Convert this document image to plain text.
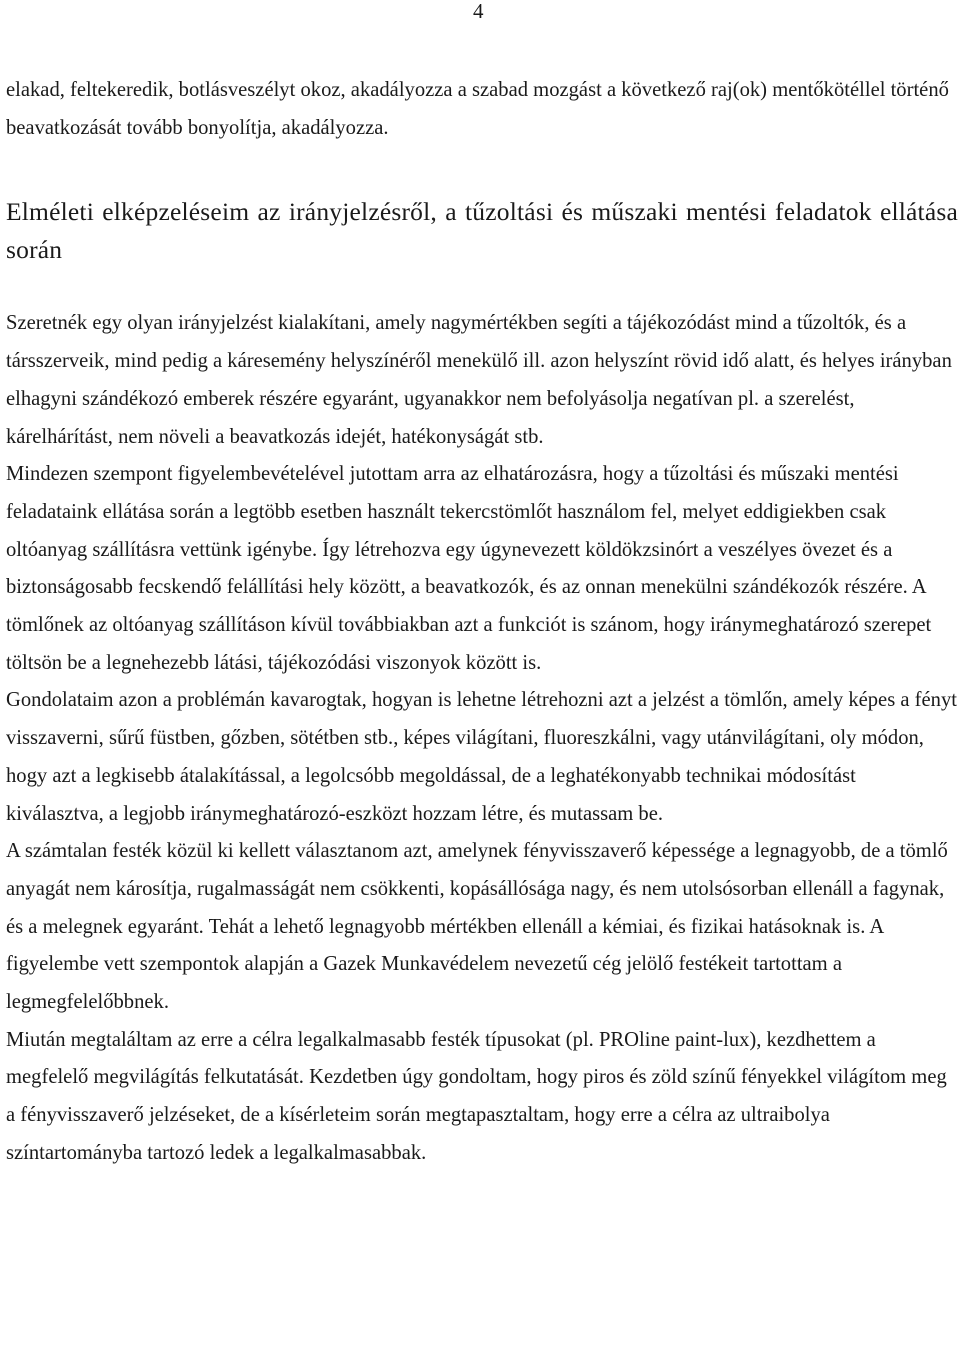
4

elakad, feltekeredik, botlásveszélyt okoz, akadályozza a szabad mozgást a következő raj(ok) mentőkötéllel történő beavatkozását tovább bonyolítja, akadályozza.

Elméleti elképzeléseim az irányjelzésről, a tűzoltási és műszaki mentési feladatok ellátása során

Szeretnék egy olyan irányjelzést kialakítani, amely nagymértékben segíti a tájékozódást mind a tűzoltók, és a társszerveik, mind pedig a káresemény helyszínéről menekülő ill. azon helyszínt rövid idő alatt, és helyes irányban elhagyni szándékozó emberek részére egyaránt, ugyanakkor nem befolyásolja negatívan pl. a szerelést, kárelhárítást, nem növeli a beavatkozás idejét, hatékonyságát stb.

Mindezen szempont figyelembevételével jutottam arra az elhatározásra, hogy a tűzoltási és műszaki mentési feladataink ellátása során a legtöbb esetben használt tekercstömlőt használom fel, melyet eddigiekben csak oltóanyag szállításra vettünk igénybe. Így létrehozva egy úgynevezett köldökzsinórt a veszélyes övezet és a biztonságosabb fecskendő felállítási hely között, a beavatkozók, és az onnan menekülni szándékozók részére. A tömlőnek az oltóanyag szállításon kívül továbbiakban azt a funkciót is szánom, hogy iránymeghatározó szerepet töltsön be a legnehezebb látási, tájékozódási viszonyok között is.

Gondolataim azon a problémán kavarogtak, hogyan is lehetne létrehozni azt a jelzést a tömlőn, amely képes a fényt visszaverni, sűrű füstben, gőzben, sötétben stb., képes világítani, fluoreszkálni, vagy utánvilágítani, oly módon, hogy azt a legkisebb átalakítással, a legolcsóbb megoldással, de a leghatékonyabb technikai módosítást kiválasztva, a legjobb iránymeghatározó-eszközt hozzam létre, és mutassam be.

A számtalan festék közül ki kellett választanom azt, amelynek fényvisszaverő képessége a legnagyobb, de a tömlő anyagát nem károsítja, rugalmasságát nem csökkenti, kopásállósága nagy, és nem utolsósorban ellenáll a fagynak, és a melegnek egyaránt. Tehát a lehető legnagyobb mértékben ellenáll a kémiai, és fizikai hatásoknak is. A figyelembe vett szempontok alapján a Gazek Munkavédelem nevezetű cég jelölő festékeit tartottam a legmegfelelőbbnek.

Miután megtaláltam az erre a célra legalkalmasabb festék típusokat (pl. PROline paint-lux), kezdhettem a megfelelő megvilágítás felkutatását. Kezdetben úgy gondoltam, hogy piros és zöld színű fényekkel világítom meg a fényvisszaverő jelzéseket, de a kísérleteim során megtapasztaltam, hogy erre a célra az ultraibolya színtartományba tartozó ledek a legalkalmasabbak.
